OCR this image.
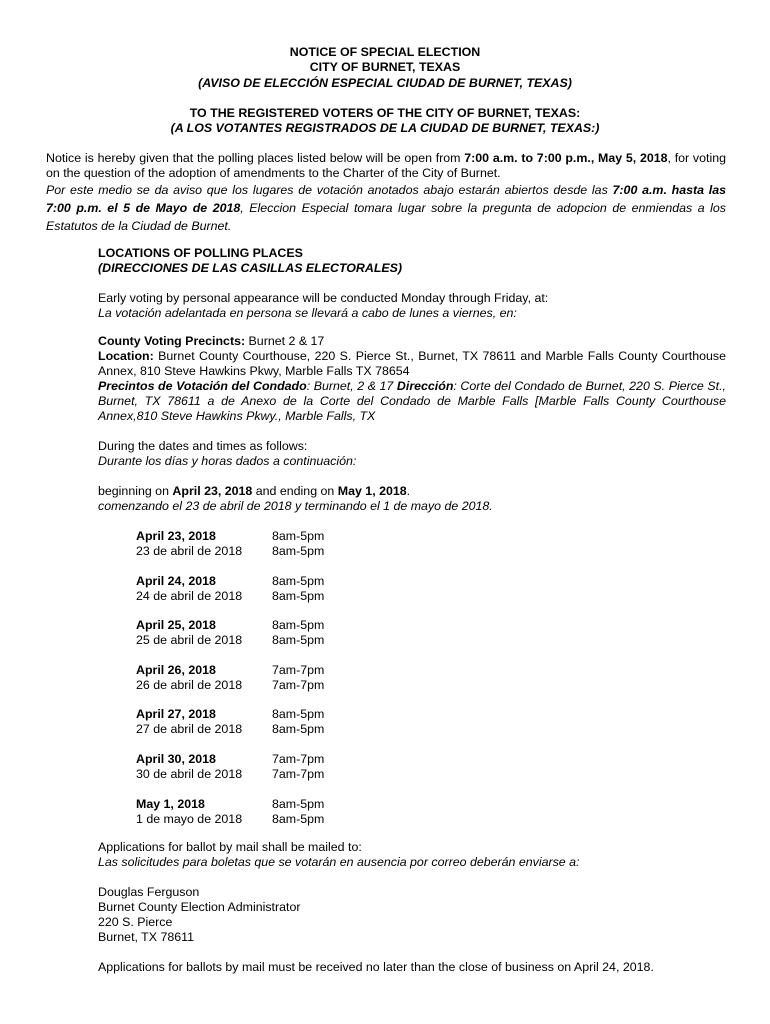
NOTICE OF SPECIAL ELECTION
CITY OF BURNET, TEXAS
(AVISO DE ELECCIÓN ESPECIAL CIUDAD DE BURNET, TEXAS)
TO THE REGISTERED VOTERS OF THE CITY OF BURNET, TEXAS:
(A LOS VOTANTES REGISTRADOS DE LA CIUDAD DE BURNET, TEXAS:)
Notice is hereby given that the polling places listed below will be open from 7:00 a.m. to 7:00 p.m., May 5, 2018, for voting on the question of the adoption of amendments to the Charter of the City of Burnet.
Por este medio se da aviso que los lugares de votación anotados abajo estarán abiertos desde las 7:00 a.m. hasta las 7:00 p.m. el 5 de Mayo de 2018, Eleccion Especial tomara lugar sobre la pregunta de adopcion de enmiendas a los Estatutos de la Ciudad de Burnet.
LOCATIONS OF POLLING PLACES
(DIRECCIONES DE LAS CASILLAS ELECTORALES)
Early voting by personal appearance will be conducted Monday through Friday, at:
La votación adelantada en persona se llevará a cabo de lunes a viernes, en:
County Voting Precincts: Burnet 2 & 17
Location: Burnet County Courthouse, 220 S. Pierce St., Burnet, TX 78611 and Marble Falls County Courthouse Annex, 810 Steve Hawkins Pkwy, Marble Falls TX 78654
Precintos de Votación del Condado: Burnet, 2 & 17 Dirección: Corte del Condado de Burnet, 220 S. Pierce St., Burnet, TX 78611 a de Anexo de la Corte del Condado de Marble Falls [Marble Falls County Courthouse Annex,810 Steve Hawkins Pkwy., Marble Falls, TX
During the dates and times as follows:
Durante los días y horas dados a continuación:
beginning on April 23, 2018 and ending on May 1, 2018.
comenzando el 23 de abril de 2018 y terminando el 1 de mayo de 2018.
April 23, 2018
23 de abril de 2018
8am-5pm
8am-5pm
April 24, 2018
24 de abril de 2018
8am-5pm
8am-5pm
April 25, 2018
25 de abril de 2018
8am-5pm
8am-5pm
April 26, 2018
26 de abril de 2018
7am-7pm
7am-7pm
April 27, 2018
27 de abril de 2018
8am-5pm
8am-5pm
April 30, 2018
30 de abril de 2018
7am-7pm
7am-7pm
May 1, 2018
1 de mayo de 2018
8am-5pm
8am-5pm
Applications for ballot by mail shall be mailed to:
Las solicitudes para boletas que se votarán en ausencia por correo deberán enviarse a:
Douglas Ferguson
Burnet County Election Administrator
220 S. Pierce
Burnet, TX 78611
Applications for ballots by mail must be received no later than the close of business on April 24, 2018.
